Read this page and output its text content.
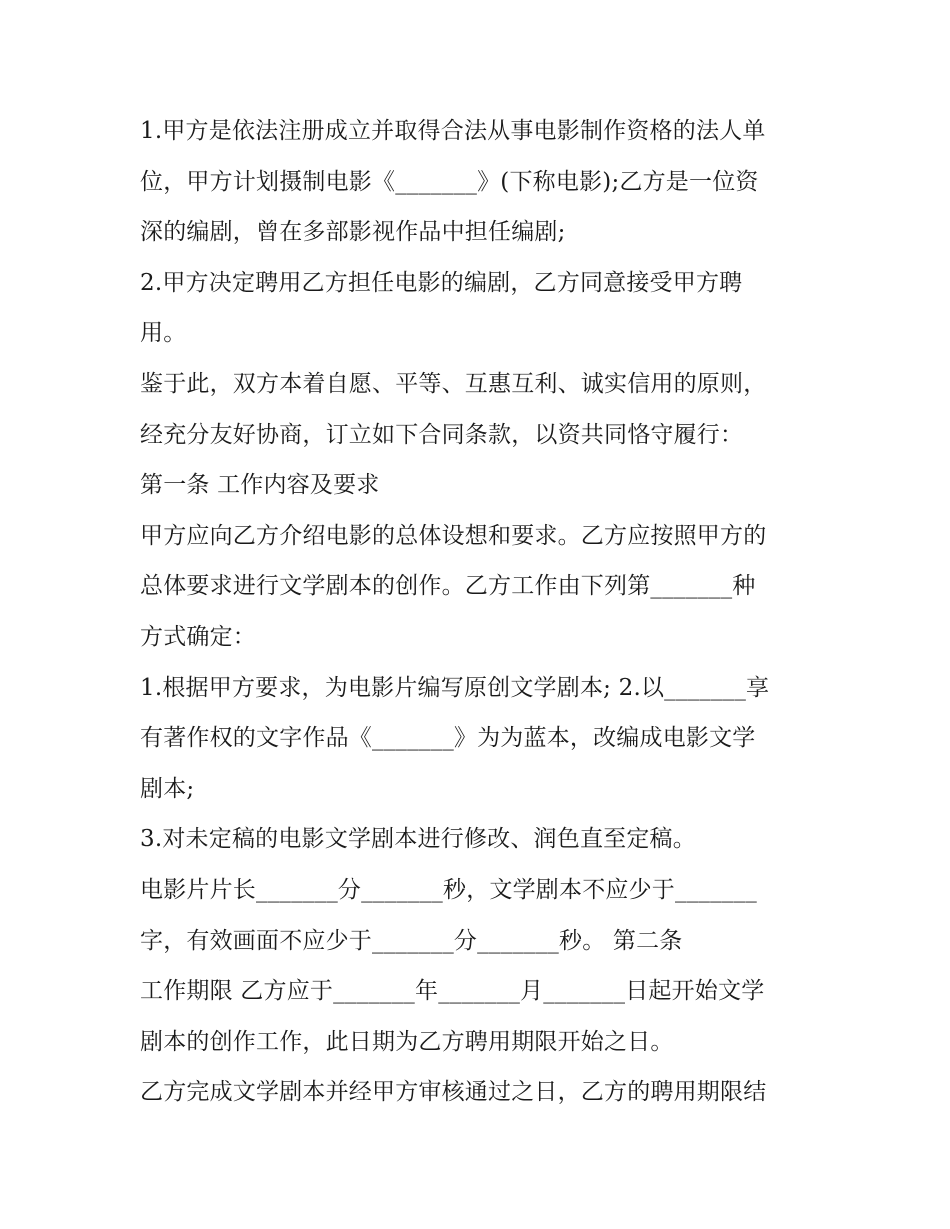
1.甲方是依法注册成立并取得合法从事电影制作资格的法人单
位，甲方计划摄制电影《_______》(下称电影);乙方是一位资
深的编剧，曾在多部影视作品中担任编剧;
2.甲方决定聘用乙方担任电影的编剧，乙方同意接受甲方聘
用。
鉴于此，双方本着自愿、平等、互惠互利、诚实信用的原则，
经充分友好协商，订立如下合同条款，以资共同恪守履行：
第一条 工作内容及要求
甲方应向乙方介绍电影的总体设想和要求。乙方应按照甲方的
总体要求进行文学剧本的创作。乙方工作由下列第_______种
方式确定：
1.根据甲方要求，为电影片编写原创文学剧本; 2.以_______享
有著作权的文字作品《_______》为为蓝本，改编成电影文学
剧本;
3.对未定稿的电影文学剧本进行修改、润色直至定稿。
电影片片长_______分_______秒，文学剧本不应少于_______
字，有效画面不应少于_______分_______秒。 第二条
工作期限 乙方应于_______年_______月_______日起开始文学
剧本的创作工作，此日期为乙方聘用期限开始之日。
乙方完成文学剧本并经甲方审核通过之日，乙方的聘用期限结
